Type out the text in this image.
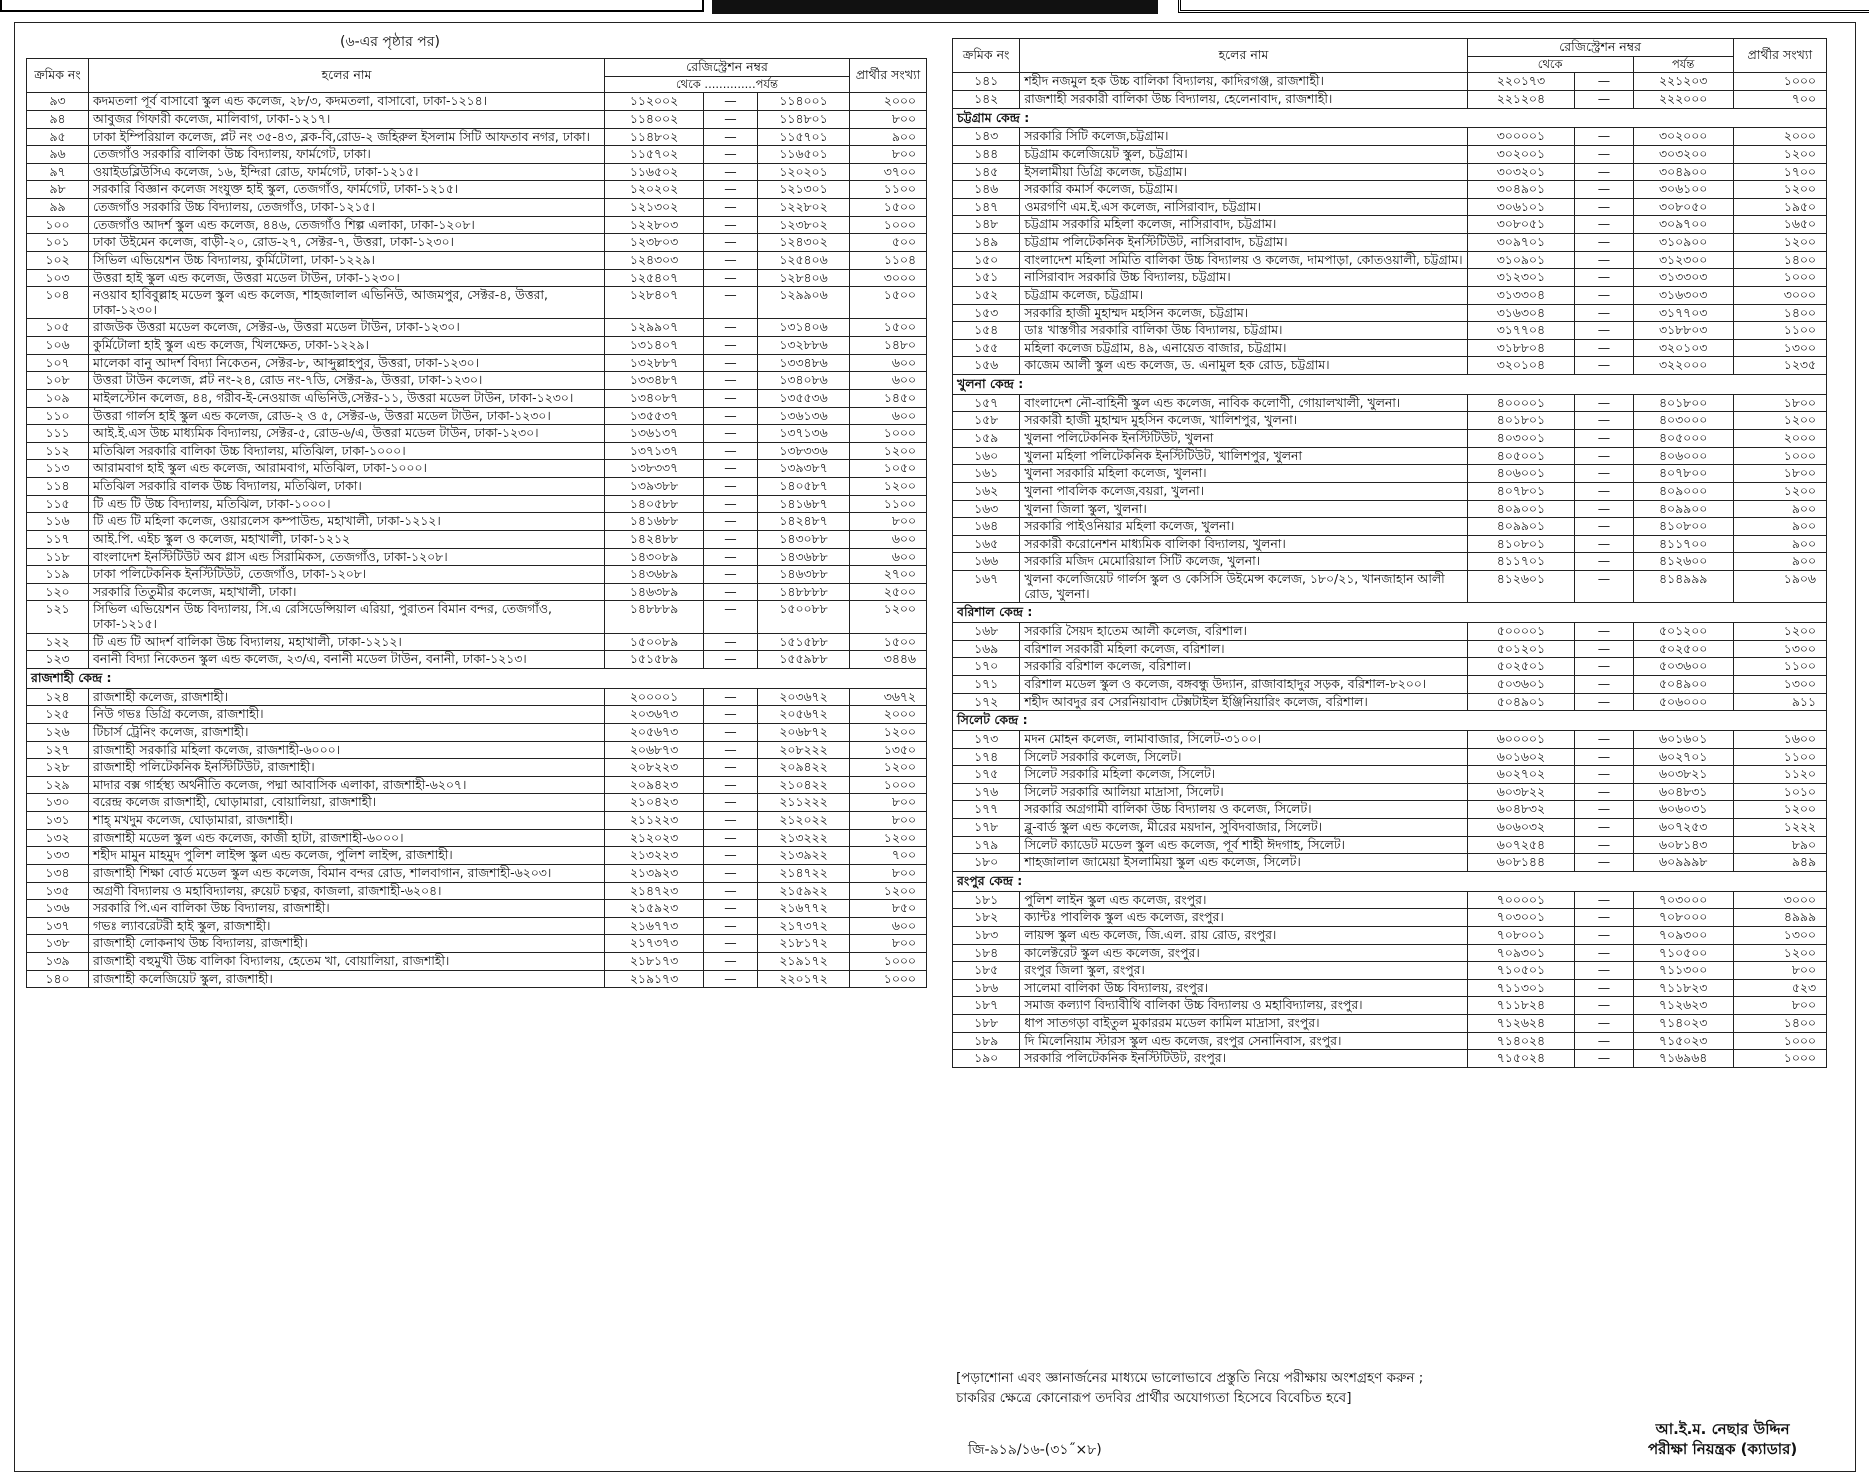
(৬-এর পৃষ্ঠার পর)
ক্রমিক নং	হলের নাম	রেজিস্ট্রেশন নম্বর			প্রার্থীর সংখ্যা
		থেকে ..............পর্যন্ত			
৯৩	কদমতলা পূর্ব বাসাবো স্কুল এন্ড কলেজ, ২৮/৩, কদমতলা, বাসাবো, ঢাকা-১২১৪।	১১২০০২	—	১১৪০০১	২০০০
৯৪	আবুজর গিফারী কলেজ, মালিবাগ, ঢাকা-১২১৭।	১১৪০০২	—	১১৪৮০১	৮০০
৯৫	ঢাকা ইম্পিরিয়াল কলেজ, প্লট নং ৩৫-৪৩, ব্লক-বি,রোড-২ জহিরুল ইসলাম সিটি আফতাব নগর, ঢাকা।	১১৪৮০২	—	১১৫৭০১	৯০০
৯৬	তেজগাঁও সরকারি বালিকা উচ্চ বিদ্যালয়, ফার্মগেট, ঢাকা।	১১৫৭০২	—	১১৬৫০১	৮০০
৯৭	ওয়াইডব্লিউসিএ কলেজ, ১৬, ইন্দিরা রোড, ফার্মগেট, ঢাকা-১২১৫।	১১৬৫০২	—	১২০২০১	৩৭০০
৯৮	সরকারি বিজ্ঞান কলেজ সংযুক্ত হাই স্কুল, তেজগাঁও, ফার্মগেট, ঢাকা-১২১৫।	১২০২০২	—	১২১৩০১	১১০০
৯৯	তেজগাঁও সরকারি উচ্চ বিদ্যালয়, তেজগাঁও, ঢাকা-১২১৫।	১২১৩০২	—	১২২৮০২	১৫০০
১০০	তেজগাঁও আদর্শ স্কুল এন্ড কলেজ, ৪৪৬, তেজগাঁও শিল্প এলাকা, ঢাকা-১২০৮।	১২২৮০৩	—	১২৩৮০২	১০০০
১০১	ঢাকা উইমেন কলেজ, বাড়ী-২০, রোড-২৭, সেক্টর-৭, উত্তরা, ঢাকা-১২৩০।	১২৩৮০৩	—	১২৪৩০২	৫০০
১০২	সিভিল এভিয়েশন উচ্চ বিদ্যালয়, কুর্মিটোলা, ঢাকা-১২২৯।	১২৪৩০৩	—	১২৫৪০৬	১১০৪
১০৩	উত্তরা হাই স্কুল এন্ড কলেজ, উত্তরা মডেল টাউন, ঢাকা-১২৩০।	১২৫৪০৭	—	১২৮৪০৬	৩০০০
১০৪	নওয়াব হাবিবুল্লাহ মডেল স্কুল এন্ড কলেজ, শাহজালাল এভিনিউ, আজমপুর, সেক্টর-৪, উত্তরা, ঢাকা-১২৩০।	১২৮৪০৭	—	১২৯৯০৬	১৫০০
১০৫	রাজউক উত্তরা মডেল কলেজ, সেক্টর-৬, উত্তরা মডেল টাউন, ঢাকা-১২৩০।	১২৯৯০৭	—	১৩১৪০৬	১৫০০
১০৬	কুর্মিটোলা হাই স্কুল এন্ড কলেজ, খিলক্ষেত, ঢাকা-১২২৯।	১৩১৪০৭	—	১৩২৮৮৬	১৪৮০
১০৭	মালেকা বানু আদর্শ বিদ্যা নিকেতন, সেক্টর-৮, আব্দুল্লাহপুর, উত্তরা, ঢাকা-১২৩০।	১৩২৮৮৭	—	১৩৩৪৮৬	৬০০
১০৮	উত্তরা টাউন কলেজ, প্লট নং-২৪, রোড নং-৭ডি, সেক্টর-৯, উত্তরা, ঢাকা-১২৩০।	১৩৩৪৮৭	—	১৩৪০৮৬	৬০০
১০৯	মাইলস্টোন কলেজ, ৪৪, গরীব-ই-নেওয়াজ এভিনিউ,সেক্টর-১১, উত্তরা মডেল টাউন, ঢাকা-১২৩০।	১৩৪০৮৭	—	১৩৫৫৩৬	১৪৫০
১১০	উত্তরা গার্লস হাই স্কুল এন্ড কলেজ, রোড-২ ও ৫, সেক্টর-৬, উত্তরা মডেল টাউন, ঢাকা-১২৩০।	১৩৫৫৩৭	—	১৩৬১৩৬	৬০০
১১১	আই.ই.এস উচ্চ মাধ্যমিক বিদ্যালয়, সেক্টর-৫, রোড-৬/এ, উত্তরা মডেল টাউন, ঢাকা-১২৩০।	১৩৬১৩৭	—	১৩৭১৩৬	১০০০
১১২	মতিঝিল সরকারি বালিকা উচ্চ বিদ্যালয়, মতিঝিল, ঢাকা-১০০০।	১৩৭১৩৭	—	১৩৮৩৩৬	১২০০
১১৩	আরামবাগ হাই স্কুল এন্ড কলেজ, আরামবাগ, মতিঝিল, ঢাকা-১০০০।	১৩৮৩৩৭	—	১৩৯৩৮৭	১০৫০
১১৪	মতিঝিল সরকারি বালক উচ্চ বিদ্যালয়, মতিঝিল, ঢাকা।	১৩৯৩৮৮	—	১৪০৫৮৭	১২০০
১১৫	টি এন্ড টি উচ্চ বিদ্যালয়, মতিঝিল, ঢাকা-১০০০।	১৪০৫৮৮	—	১৪১৬৮৭	১১০০
১১৬	টি এন্ড টি মহিলা কলেজ, ওয়ারলেস কম্পাউন্ড, মহাখালী, ঢাকা-১২১২।	১৪১৬৮৮	—	১৪২৪৮৭	৮০০
১১৭	আই.পি. এইচ স্কুল ও কলেজ, মহাখালী, ঢাকা-১২১২	১৪২৪৮৮	—	১৪৩০৮৮	৬০০
১১৮	বাংলাদেশ ইনস্টিটিউট অব গ্লাস এন্ড সিরামিকস, তেজগাঁও, ঢাকা-১২০৮।	১৪৩০৮৯	—	১৪৩৬৮৮	৬০০
১১৯	ঢাকা পলিটেকনিক ইনস্টিটিউট, তেজগাঁও, ঢাকা-১২০৮।	১৪৩৬৮৯	—	১৪৬৩৮৮	২৭০০
১২০	সরকারি তিতুমীর কলেজ, মহাখালী, ঢাকা।	১৪৬৩৮৯	—	১৪৮৮৮৮	২৫০০
১২১	সিভিল এভিয়েশন উচ্চ বিদ্যালয়, সি.এ রেসিডেন্সিয়াল এরিয়া, পুরাতন বিমান বন্দর, তেজগাঁও, ঢাকা-১২১৫।	১৪৮৮৮৯	—	১৫০০৮৮	১২০০
১২২	টি এন্ড টি আদর্শ বালিকা উচ্চ বিদ্যালয়, মহাখালী, ঢাকা-১২১২।	১৫০০৮৯	—	১৫১৫৮৮	১৫০০
১২৩	বনানী বিদ্যা নিকেতন স্কুল এন্ড কলেজ, ২৩/এ, বনানী মডেল টাউন, বনানী, ঢাকা-১২১৩।	১৫১৫৮৯	—	১৫৫৯৮৮	৩৪৪৬
রাজশাহী কেন্দ্র :					
১২৪	রাজশাহী কলেজ, রাজশাহী।	২০০০০১	—	২০৩৬৭২	৩৬৭২
১২৫	নিউ গভঃ ডিগ্রি কলেজ, রাজশাহী।	২০৩৬৭৩	—	২০৫৬৭২	২০০০
১২৬	টিচার্স ট্রেনিং কলেজ, রাজশাহী।	২০৫৬৭৩	—	২০৬৮৭২	১২০০
১২৭	রাজশাহী সরকারি মহিলা কলেজ, রাজশাহী-৬০০০।	২০৬৮৭৩	—	২০৮২২২	১৩৫০
১২৮	রাজশাহী পলিটেকনিক ইনস্টিটিউট, রাজশাহী।	২০৮২২৩	—	২০৯৪২২	১২০০
১২৯	মাদার বক্স গার্হস্থ্য অর্থনীতি কলেজ, পদ্মা আবাসিক এলাকা, রাজশাহী-৬২০৭।	২০৯৪২৩	—	২১০৪২২	১০০০
১৩০	বরেন্দ্র কলেজ রাজশাহী, ঘোড়ামারা, বোয়ালিয়া, রাজশাহী।	২১০৪২৩	—	২১১২২২	৮০০
১৩১	শাহ্ মখদুম কলেজ, ঘোড়ামারা, রাজশাহী।	২১১২২৩	—	২১২০২২	৮০০
১৩২	রাজশাহী মডেল স্কুল এন্ড কলেজ, কাজী হাটা, রাজশাহী-৬০০০।	২১২০২৩	—	২১৩২২২	১২০০
১৩৩	শহীদ মামুন মাহমুদ পুলিশ লাইন্স স্কুল এন্ড কলেজ, পুলিশ লাইন্স, রাজশাহী।	২১৩২২৩	—	২১৩৯২২	৭০০
১৩৪	রাজশাহী শিক্ষা বোর্ড মডেল স্কুল এন্ড কলেজ, বিমান বন্দর রোড, শালবাগান, রাজশাহী-৬২০৩।	২১৩৯২৩	—	২১৪৭২২	৮০০
১৩৫	অগ্রণী বিদ্যালয় ও মহাবিদ্যালয়, রুয়েট চত্বর, কাজলা, রাজশাহী-৬২০৪।	২১৪৭২৩	—	২১৫৯২২	১২০০
১৩৬	সরকারি পি.এন বালিকা উচ্চ বিদ্যালয়, রাজশাহী।	২১৫৯২৩	—	২১৬৭৭২	৮৫০
১৩৭	গভঃ ল্যাবরেটরী হাই স্কুল, রাজশাহী।	২১৬৭৭৩	—	২১৭৩৭২	৬০০
১৩৮	রাজশাহী লোকনাথ উচ্চ বিদ্যালয়, রাজশাহী।	২১৭৩৭৩	—	২১৮১৭২	৮০০
১৩৯	রাজশাহী বহুমুখী উচ্চ বালিকা বিদ্যালয়, হেতেম খা, বোয়ালিয়া, রাজশাহী।	২১৮১৭৩	—	২১৯১৭২	১০০০
১৪০	রাজশাহী কলেজিয়েট স্কুল, রাজশাহী।	২১৯১৭৩	—	২২০১৭২	১০০০
ক্রমিক নং	হলের নাম	রেজিস্ট্রেশন নম্বর			প্রার্থীর সংখ্যা
		থেকে		পর্যন্ত	
১৪১	শহীদ নজমুল হক উচ্চ বালিকা বিদ্যালয়, কাদিরগঞ্জ, রাজশাহী।	২২০১৭৩	—	২২১২০৩	১০০০
১৪২	রাজশাহী সরকারী বালিকা উচ্চ বিদ্যালয়, হেলেনাবাদ, রাজশাহী।	২২১২০৪	—	২২২০০০	৭০০
চট্টগ্রাম কেন্দ্র :					
১৪৩	সরকারি সিটি কলেজ,চট্টগ্রাম।	৩০০০০১	—	৩০২০০০	২০০০
১৪৪	চট্টগ্রাম কলেজিয়েট স্কুল, চট্টগ্রাম।	৩০২০০১	—	৩০৩২০০	১২০০
১৪৫	ইসলামীয়া ডিগ্রি কলেজ, চট্টগ্রাম।	৩০৩২০১	—	৩০৪৯০০	১৭০০
১৪৬	সরকারি কমার্স কলেজ, চট্টগ্রাম।	৩০৪৯০১	—	৩০৬১০০	১২০০
১৪৭	ওমরগণি এম.ই.এস কলেজ, নাসিরাবাদ, চট্টগ্রাম।	৩০৬১০১	—	৩০৮০৫০	১৯৫০
১৪৮	চট্টগ্রাম সরকারি মহিলা কলেজ, নাসিরাবাদ, চট্টগ্রাম।	৩০৮০৫১	—	৩০৯৭০০	১৬৫০
১৪৯	চট্টগ্রাম পলিটেকনিক ইনস্টিটিউট, নাসিরাবাদ, চট্টগ্রাম।	৩০৯৭০১	—	৩১০৯০০	১২০০
১৫০	বাংলাদেশ মহিলা সমিতি বালিকা উচ্চ বিদ্যালয় ও কলেজ, দামপাড়া, কোতওয়ালী, চট্টগ্রাম।	৩১০৯০১	—	৩১২৩০০	১৪০০
১৫১	নাসিরাবাদ সরকারি উচ্চ বিদ্যালয়, চট্টগ্রাম।	৩১২৩০১	—	৩১৩৩০৩	১০০০
১৫২	চট্টগ্রাম কলেজ, চট্টগ্রাম।	৩১৩৩০৪	—	৩১৬৩০৩	৩০০০
১৫৩	সরকারি হাজী মুহাম্মদ মহসিন কলেজ, চট্টগ্রাম।	৩১৬৩০৪	—	৩১৭৭০৩	১৪০০
১৫৪	ডাঃ খাস্তগীর সরকারি বালিকা উচ্চ বিদ্যালয়, চট্টগ্রাম।	৩১৭৭০৪	—	৩১৮৮০৩	১১০০
১৫৫	মহিলা কলেজ চট্টগ্রাম, ৪৯, এনায়েত বাজার, চট্টগ্রাম।	৩১৮৮০৪	—	৩২০১০৩	১৩০০
১৫৬	কাজেম আলী স্কুল এন্ড কলেজ, ড. এনামুল হক রোড, চট্টগ্রাম।	৩২০১০৪	—	৩২২০০০	১২৩৫
খুলনা কেন্দ্র :					
১৫৭	বাংলাদেশ নৌ-বাহিনী স্কুল এন্ড কলেজ, নাবিক কলোণী, গোয়ালখালী, খুলনা।	৪০০০০১	—	৪০১৮০০	১৮০০
১৫৮	সরকারী হাজী মুহাম্মদ মুহসিন কলেজ, খালিশপুর, খুলনা।	৪০১৮০১	—	৪০৩০০০	১২০০
১৫৯	খুলনা পলিটেকনিক ইনস্টিটিউট, খুলনা	৪০৩০০১	—	৪০৫০০০	২০০০
১৬০	খুলনা মহিলা পলিটেকনিক ইনস্টিটিউট, খালিশপুর, খুলনা	৪০৫০০১	—	৪০৬০০০	১০০০
১৬১	খুলনা সরকারি মহিলা কলেজ, খুলনা।	৪০৬০০১	—	৪০৭৮০০	১৮০০
১৬২	খুলনা পাবলিক কলেজ,বয়রা, খুলনা।	৪০৭৮০১	—	৪০৯০০০	১২০০
১৬৩	খুলনা জিলা স্কুল, খুলনা।	৪০৯০০১	—	৪০৯৯০০	৯০০
১৬৪	সরকারি পাইওনিয়ার মহিলা কলেজ, খুলনা।	৪০৯৯০১	—	৪১০৮০০	৯০০
১৬৫	সরকারী করোনেশন মাধ্যমিক বালিকা বিদ্যালয়, খুলনা।	৪১০৮০১	—	৪১১৭০০	৯০০
১৬৬	সরকারি মজিদ মেমোরিয়াল সিটি কলেজ, খুলনা।	৪১১৭০১	—	৪১২৬০০	৯০০
১৬৭	খুলনা কলেজিয়েট গার্লস স্কুল ও কেসিসি উইমেন্স কলেজ, ১৮০/২১, খানজাহান আলী রোড, খুলনা।	৪১২৬০১	—	৪১৪৯৯৯	১৯০৬
বরিশাল কেন্দ্র :					
১৬৮	সরকারি সৈয়দ হাতেম আলী কলেজ, বরিশাল।	৫০০০০১	—	৫০১২০০	১২০০
১৬৯	বরিশাল সরকারী মহিলা কলেজ, বরিশাল।	৫০১২০১	—	৫০২৫০০	১৩০০
১৭০	সরকারি বরিশাল কলেজ, বরিশাল।	৫০২৫০১	—	৫০৩৬০০	১১০০
১৭১	বরিশাল মডেল স্কুল ও কলেজ, বঙ্গবন্ধু উদ্যান, রাজাবাহাদুর সড়ক, বরিশাল-৮২০০।	৫০৩৬০১	—	৫০৪৯০০	১৩০০
১৭২	শহীদ আবদুর রব সেরনিয়াবাদ টেক্সটাইল ইঞ্জিনিয়ারিং কলেজ, বরিশাল।	৫০৪৯০১	—	৫০৬০০০	৯১১
সিলেট কেন্দ্র :					
১৭৩	মদন মোহন কলেজ, লামাবাজার, সিলেট-৩১০০।	৬০০০০১	—	৬০১৬০১	১৬০০
১৭৪	সিলেট সরকারি কলেজ, সিলেট।	৬০১৬০২	—	৬০২৭০১	১১০০
১৭৫	সিলেট সরকারি মহিলা কলেজ, সিলেট।	৬০২৭০২	—	৬০৩৮২১	১১২০
১৭৬	সিলেট সরকারি আলিয়া মাদ্রাসা, সিলেট।	৬০৩৮২২	—	৬০৪৮৩১	১০১০
১৭৭	সরকারি অগ্রগামী বালিকা উচ্চ বিদ্যালয় ও কলেজ, সিলেট।	৬০৪৮৩২	—	৬০৬০৩১	১২০০
১৭৮	ব্লু-বার্ড স্কুল এন্ড কলেজ, মীরের ময়দান, সুবিদবাজার, সিলেট।	৬০৬০৩২	—	৬০৭২৫৩	১২২২
১৭৯	সিলেট ক্যাডেট মডেল স্কুল এন্ড কলেজ, পূর্ব শাহী ঈদগাহ, সিলেট।	৬০৭২৫৪	—	৬০৮১৪৩	৮৯০
১৮০	শাহজালাল জামেয়া ইসলামিয়া স্কুল এন্ড কলেজ, সিলেট।	৬০৮১৪৪	—	৬০৯৯৯৮	৯৪৯
রংপুর কেন্দ্র :					
১৮১	পুলিশ লাইন স্কুল এন্ড কলেজ, রংপুর।	৭০০০০১	—	৭০৩০০০	৩০০০
১৮২	ক্যান্টঃ পাবলিক স্কুল এন্ড কলেজ, রংপুর।	৭০৩০০১	—	৭০৮০০০	৪৯৯৯
১৮৩	লায়ন্স স্কুল এন্ড কলেজ, জি.এল. রায় রোড, রংপুর।	৭০৮০০১	—	৭০৯৩০০	১৩০০
১৮৪	কালেক্টরেট স্কুল এন্ড কলেজ, রংপুর।	৭০৯৩০১	—	৭১০৫০০	১২০০
১৮৫	রংপুর জিলা স্কুল, রংপুর।	৭১০৫০১	—	৭১১৩০০	৮০০
১৮৬	সালেমা বালিকা উচ্চ বিদ্যালয়, রংপুর।	৭১১৩০১	—	৭১১৮২৩	৫২৩
১৮৭	সমাজ কল্যাণ বিদ্যাবীথি বালিকা উচ্চ বিদ্যালয় ও মহাবিদ্যালয়, রংপুর।	৭১১৮২৪	—	৭১২৬২৩	৮০০
১৮৮	ধাপ সাতগড়া বাইতুল মুকাররম মডেল কামিল মাদ্রাসা, রংপুর।	৭১২৬২৪	—	৭১৪০২৩	১৪০০
১৮৯	দি মিলেনিয়াম স্টারস স্কুল এন্ড কলেজ, রংপুর সেনানিবাস, রংপুর।	৭১৪০২৪	—	৭১৫০২৩	১০০০
১৯০	সরকারি পলিটেকনিক ইনস্টিটিউট, রংপুর।	৭১৫০২৪	—	৭১৬৯৬৪	১০০০
[পড়াশোনা এবং জ্ঞানার্জনের মাধ্যমে ভালোভাবে প্রস্তুতি নিয়ে পরীক্ষায় অংশগ্রহণ করুন ;
চাকরির ক্ষেত্রে কোনোরূপ তদবির প্রার্থীর অযোগ্যতা হিসেবে বিবেচিত হবে]
জি-৯১৯/১৬-(৩১˝×৮)
আ.ই.ম. নেছার উদ্দিন
পরীক্ষা নিয়ন্ত্রক (ক্যাডার)
